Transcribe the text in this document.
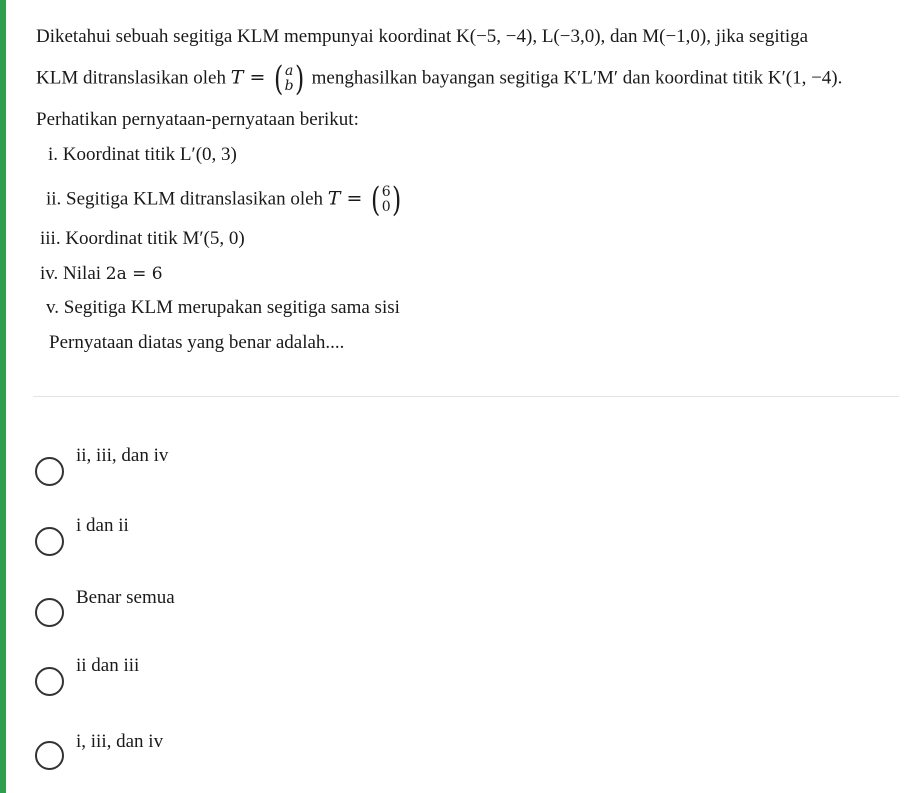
Diketahui sebuah segitiga KLM mempunyai koordinat K(−5, −4), L(−3,0), dan M(−1,0), jika segitiga
KLM ditranslasikan oleh T = ( a
b ) menghasilkan bayangan segitiga K′L′M′ dan koordinat titik K′(1, −4).
Perhatikan pernyataan-pernyataan berikut:
i. Koordinat titik L′(0, 3)
ii. Segitiga KLM ditranslasikan oleh T = ( 6
0 )
iii. Koordinat titik M′(5, 0)
iv. Nilai 2a = 6
v. Segitiga KLM merupakan segitiga sama sisi
Pernyataan diatas yang benar adalah....
ii, iii, dan iv
i dan ii
Benar semua
ii dan iii
i, iii, dan iv
